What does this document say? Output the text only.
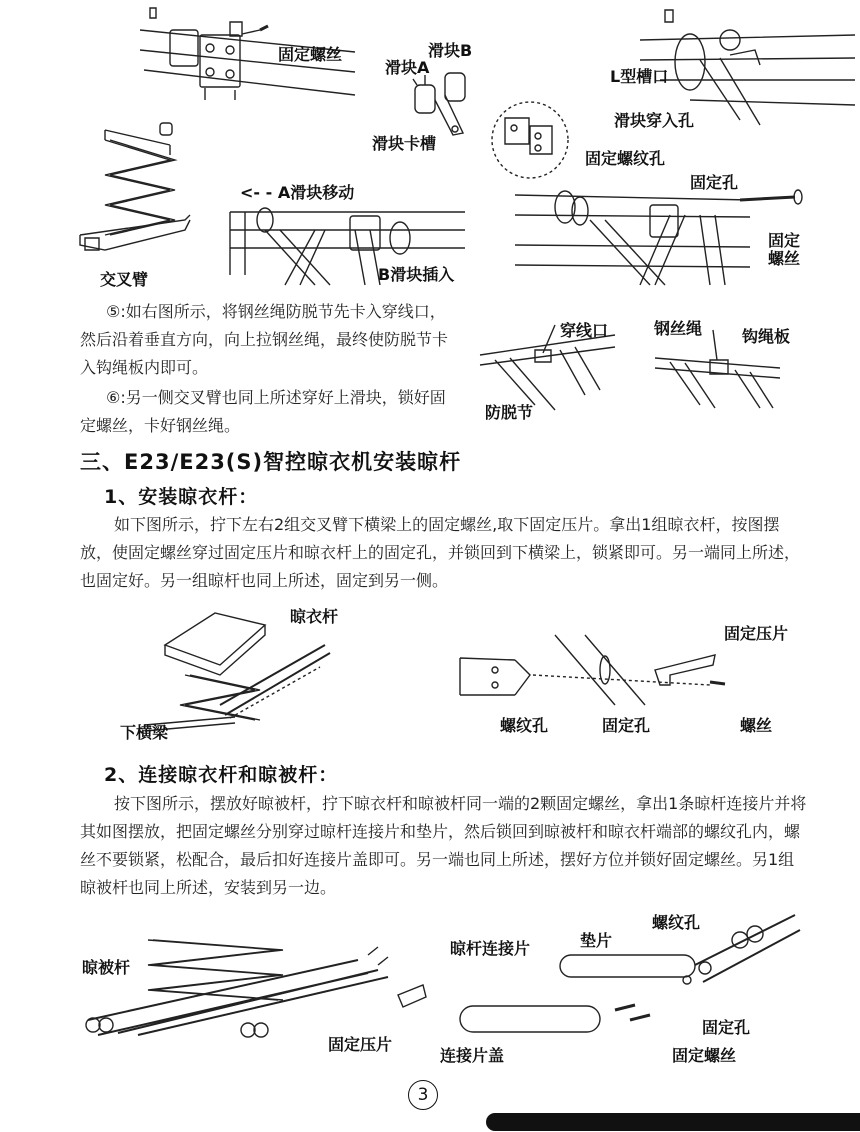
固定螺丝	滑块B
滑块A
滑块卡槽
L型槽口
滑块穿入孔
固定螺纹孔
交叉臂
<- - A滑块移动
B滑块插入
固定孔
固定
螺丝
⑤:如右图所示，将钢丝绳防脱节先卡入穿线口，然后沿着垂直方向，向上拉钢丝绳，最终使防脱节卡入钩绳板内即可。
⑥:另一侧交叉臂也同上所述穿好上滑块，锁好固定螺丝，卡好钢丝绳。
穿线口
防脱节
钢丝绳 钩绳板
三、E23/E23(S)智控晾衣机安装晾杆
1、安装晾衣杆：
如下图所示，拧下左右2组交叉臂下横梁上的固定螺丝,取下固定压片。拿出1组晾衣杆，按图摆放，使固定螺丝穿过固定压片和晾衣杆上的固定孔，并锁回到下横梁上，锁紧即可。另一端同上所述，也固定好。另一组晾杆也同上所述，固定到另一侧。
晾衣杆
下横梁
固定压片
螺纹孔	固定孔	螺丝
2、连接晾衣杆和晾被杆：
按下图所示，摆放好晾被杆，拧下晾衣杆和晾被杆同一端的2颗固定螺丝，拿出1条晾杆连接片并将其如图摆放，把固定螺丝分别穿过晾杆连接片和垫片，然后锁回到晾被杆和晾衣杆端部的螺纹孔内，螺丝不要锁紧，松配合，最后扣好连接片盖即可。另一端也同上所述，摆好方位并锁好固定螺丝。另1组晾被杆也同上所述，安装到另一边。
晾被杆
固定压片
晾杆连接片	垫片
螺纹孔
固定孔
固定螺丝
连接片盖
3
